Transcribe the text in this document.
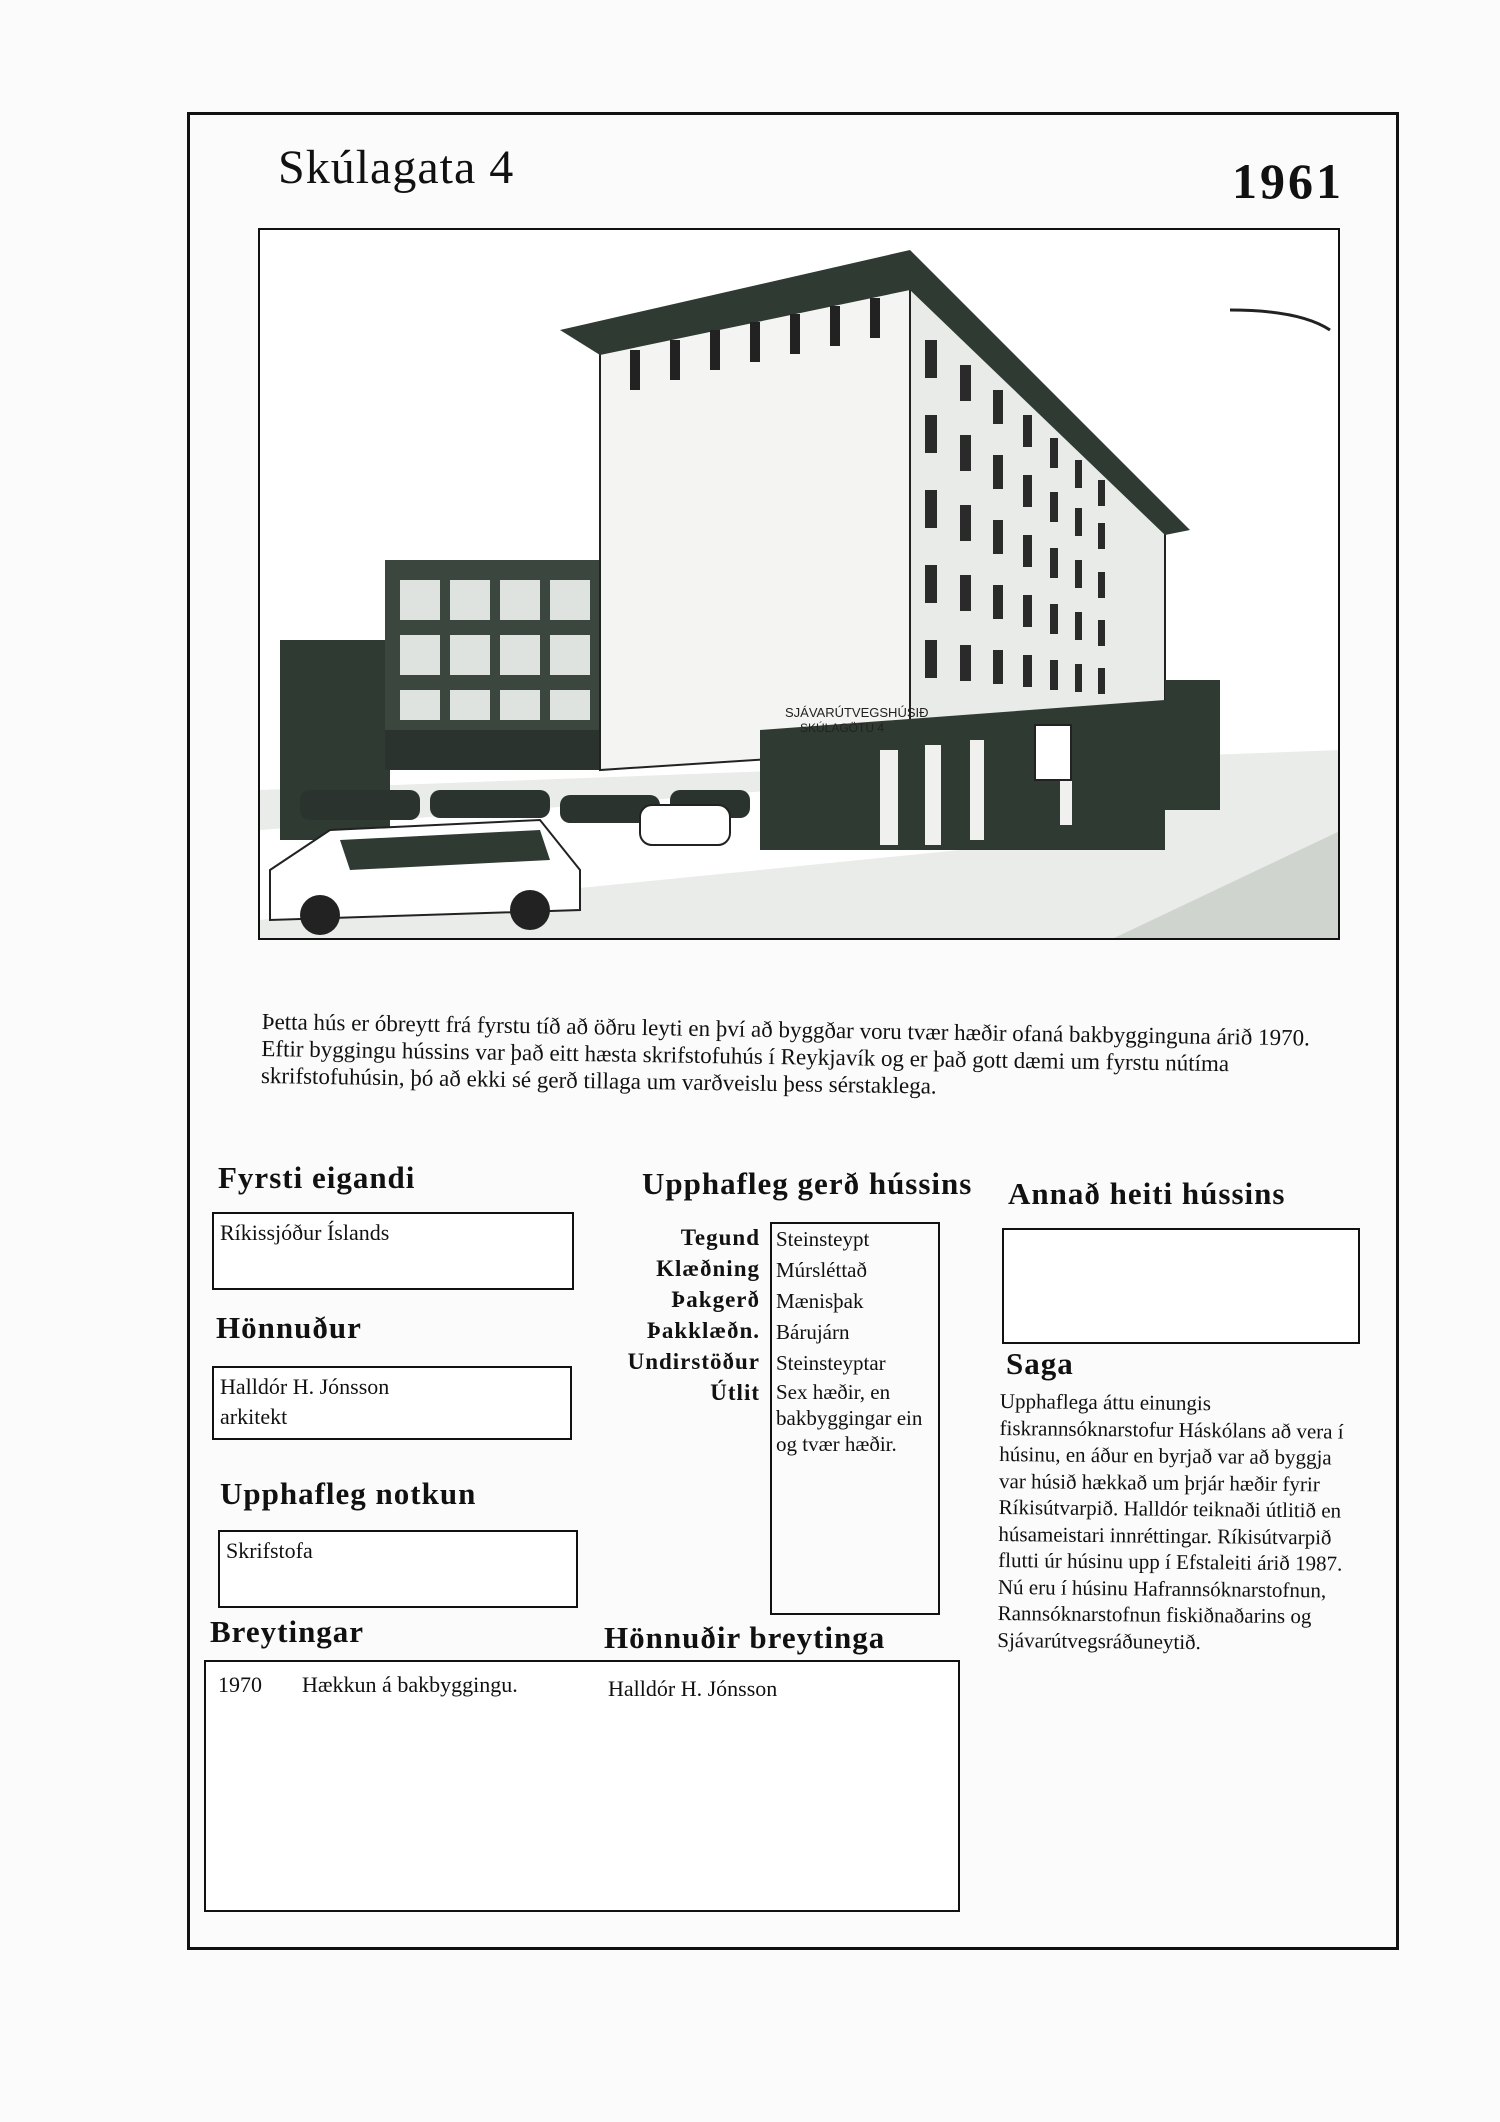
Skúlagata 4	1961
SJÁVARÚTVEGSHÚSIÐ
SKÚLAGÖTU 4

Þetta hús er óbreytt frá fyrstu tíð að öðru leyti en því að byggðar voru tvær hæðir ofaná bakbygginguna árið 1970. Eftir byggingu hússins var það eitt hæsta skrifstofuhús í Reykjavík og er það gott dæmi um fyrstu nútíma skrifstofuhúsin, þó að ekki sé gerð tillaga um varðveislu þess sérstaklega.

Fyrsti eigandi
Ríkissjóður Íslands
Hönnuður
Halldór H. Jónsson
arkitekt
Upphafleg notkun
Skrifstofa
Upphafleg gerð hússins
Tegund
Klæðning
Þakgerð
Þakklæðn.
Undirstöður
Útlit
Steinsteypt
Múrsléttað
Mænisþak
Bárujárn
Steinsteyptar
Sex hæðir, en bakbyggingar ein og tvær hæðir.
Annað heiti hússins
Saga

Upphaflega áttu einungis fiskrannsóknarstofur Háskólans að vera í húsinu, en áður en byrjað var að byggja var húsið hækkað um þrjár hæðir fyrir Ríkisútvarpið. Halldór teiknaði útlitið en húsameistari innréttingar. Ríkisútvarpið flutti úr húsinu upp í Efstaleiti árið 1987.

Nú eru í húsinu Hafrannsóknarstofnun, Rannsóknarstofnun fiskiðnaðarins og Sjávarútvegsráðuneytið.

Breytingar
1970 Hækkun á bakbyggingu.
Hönnuðir breytinga
Halldór H. Jónsson
